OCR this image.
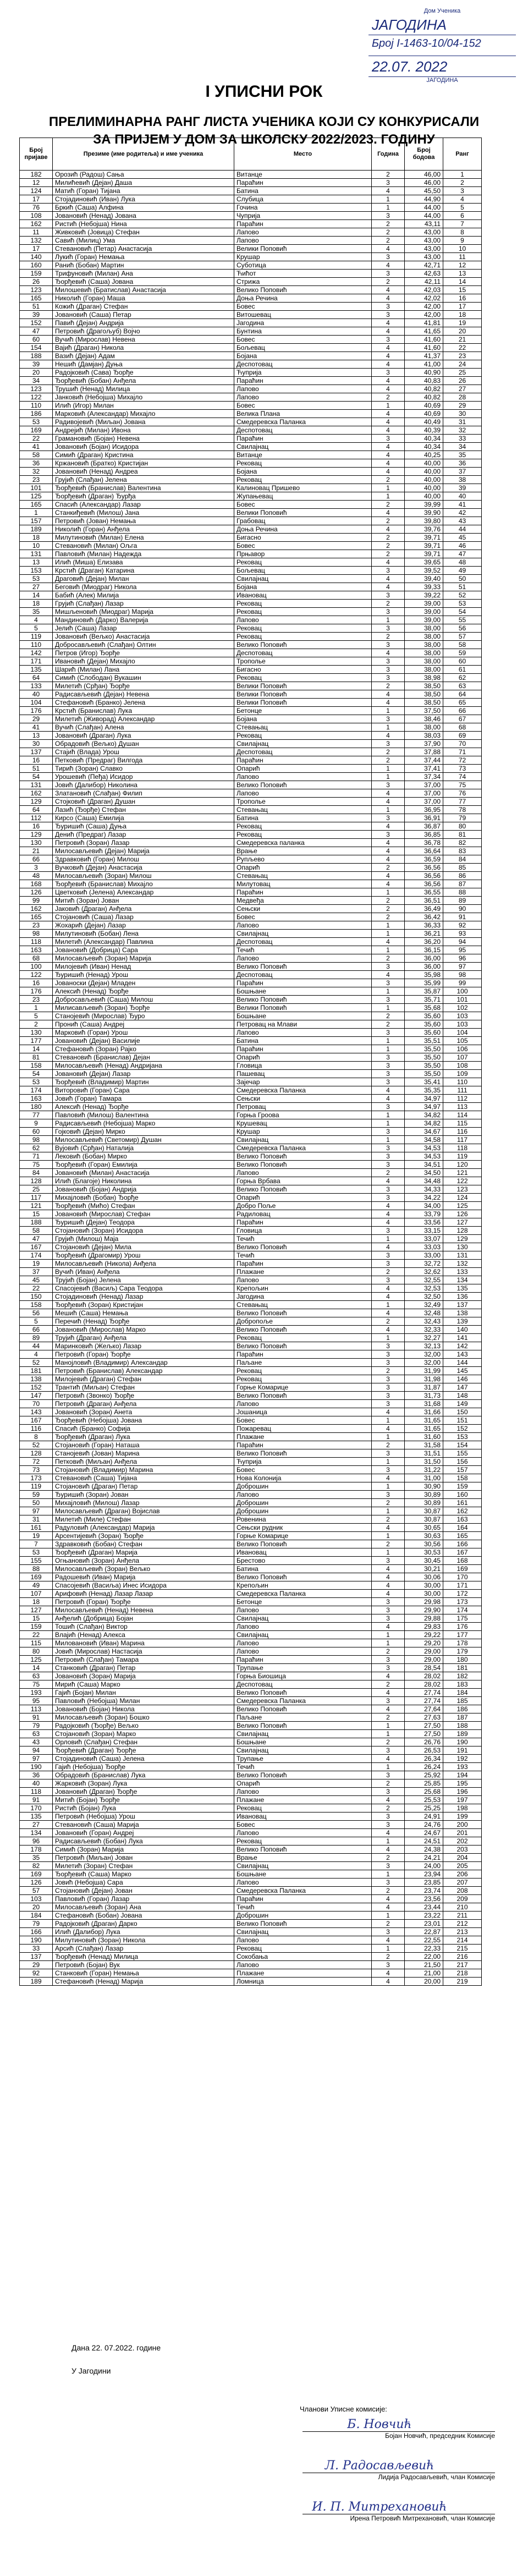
Дом Ученика
ЈАГОДИНА
Број I-1463-10/04-152
22.07. 2022
ЈАГОДИНА
I УПИСНИ РОК
ПРЕЛИМИНАРНА РАНГ ЛИСТА УЧЕНИКА КОЈИ СУ КОНКУРИСАЛИ
ЗА ПРИЈЕМ У ДОМ ЗА ШКОЛСКУ 2022/2023. ГОДИНУ
Број пријаве	Презиме (име родитеља) и име ученика	Место	Година	Број бодова	Ранг
182	Орозић (Радош) Сања	Витанце	2	46,00	1
12	Милићевић (Дејан) Даша	Параћин	3	46,00	2
124	Матић (Горан) Тијана	Батина	4	45,50	3
17	Стојадиновић (Иван) Лука	Слубица	1	44,90	4
76	Бркић (Саша) Алфина	Гочина	1	44,00	5
108	Јовановић (Ненад) Јована	Чуприја	3	44,00	6
162	Ристић (Небојша) Нина	Параћин	2	43,11	7
11	Живковић (Јовица) Стефан	Лапово	2	43,00	8
132	Савић (Милиц) Ума	Лапово	2	43,00	9
17	Стевановић (Петар) Анастасија	Велики Поповић	4	43,00	10
140	Лукић (Горан) Немања	Крушар	3	43,00	11
160	Ранић (Бобан) Мартин	Суботица	4	42,71	12
159	Трифуновић (Милан) Ана	Ћићот	3	42,63	13
26	Ђорђевић (Саша) Јована	Стрижа	2	42,11	14
123	Милошевић (Братислав) Анастасија	Велико Поповић	4	42,03	15
165	Николић (Горан) Маша	Доња Речина	4	42,02	16
51	Кожић (Драган) Стефан	Бовес	3	42,00	17
39	Јовановић (Саша) Петар	Витошевац	3	42,00	18
152	Павић (Дејан) Андрија	Јагодина	4	41,81	19
47	Петровић (Драгољуб) Војчо	Бунтина	4	41,65	20
60	Вучић (Мирослав) Невена	Бовес	3	41,60	21
154	Вајић (Драган) Никола	Бољевац	4	41,60	22
188	Вазић (Дејан) Адам	Бојана	4	41,37	23
39	Нешић (Дамјан) Дуња	Деспотовац	4	41,00	24
20	Радојковић (Сава) Ђорђе	Ћуприја	3	40,90	25
34	Ђорђевић (Бобан) Анђела	Параћин	4	40,83	26
123	Трушић (Ненад) Милица	Лапово	4	40,82	27
122	Јанковић (Небојша) Михајло	Лапово	2	40,82	28
110	Илић (Игор) Милан	Бовес	1	40,69	29
186	Марковић (Александар) Михајло	Велика Плана	4	40,69	30
53	Радивојевић (Миљан) Јована	Смедеревска Паланка	4	40,49	31
169	Андрејић (Милан) Ивона	Деспотовац	4	40,39	32
22	Грамановић (Бојан) Невена	Параћин	3	40,34	33
41	Јовановић (Бојан) Исидора	Свилајнац	4	40,34	34
58	Симић (Драган) Кристина	Витанце	4	40,25	35
36	Кржановић (Братко) Кристијан	Рековац	4	40,00	36
32	Јовановић (Ненад) Андреа	Бојана	4	40,00	37
23	Грујић (Слађан) Јелена	Рековац	2	40,00	38
101	Ђорђевић (Бранислав) Валентина	Калиновац Пришево	1	40,00	39
125	Ђорђевић (Драган) Ђурђа	Жупањевац	1	40,00	40
165	Спасић (Александар) Лазар	Бовес	2	39,99	41
1	Станкиђевић (Милош) Јана	Велики Поповић	4	39,90	42
157	Петровић (Јован) Немања	Грабовац	2	39,80	43
189	Николић (Горан) Анђела	Доња Речина	4	39,76	44
18	Милутиновић (Милан) Елена	Бигасно	2	39,71	45
10	Стевановић (Милан) Ољга	Бовес	2	39,71	46
131	Павловић (Милан) Надежда	Прњавор	2	39,71	47
13	Илић (Миша) Елизава	Рековац	4	39,65	48
153	Крстић (Драган) Катарина	Бољевац	3	39,52	49
53	Драговић (Дејан) Милан	Свилајнац	4	39,40	50
27	Беговић (Миодраг) Никола	Бојана	4	39,33	51
14	Бабић (Алек) Милија	Ивановац	3	39,22	52
18	Грујић (Слађан) Лазар	Рековац	2	39,00	53
35	Мишљеновић (Миодраг) Марија	Рековац	3	39,00	54
4	Мандиновић (Дарко) Валерија	Лапово	1	39,00	55
5	Јелић (Саша) Лазар	Рековац	3	38,00	56
119	Јовановић (Вељко) Анастасија	Рековац	2	38,00	57
110	Добросављевић (Слађан) Олтин	Велико Поповић	3	38,00	58
142	Петров (Игор) Ђорђе	Деспотовац	4	38,00	59
171	Ивановић (Дејан) Михајло	Трополье	3	38,00	60
135	Шарић (Милан) Лана	Бигасно	3	38,00	61
64	Симић (Слободан) Вукашин	Рековац	3	38,98	62
133	Милетић (Срђан) Ђорђе	Велики Поповић	2	38,50	63
40	Радисављевић (Дејан) Невена	Велики Поповић	4	38,50	64
104	Стефановић (Бранко) Јелена	Велики Поповић	4	38,50	65
176	Крстић (Бранислав) Лука	Бетонце	1	37,50	66
29	Милетић (Живорад) Александар	Бојана	3	38,46	67
41	Вучић (Слађан) Алена	Стевањац	1	38,00	68
13	Јовановић (Драган) Лука	Рековац	4	38,03	69
30	Обрадовић (Вељко) Душан	Свилајнац	3	37,90	70
137	Стајић (Влада) Урош	Деспотовац	2	37,88	71
16	Петковић (Предраг) Вилгода	Параћин	2	37,44	72
51	Тирић (Зоран) Славко	Опарић	1	37,41	73
54	Урошевић (Пеђа) Исидор	Лапово	1	37,34	74
131	Јовић (Далибор) Николина	Велико Поповић	3	37,00	75
162	Златановић (Слађан) Филип	Лапово	4	37,00	76
129	Стојковић (Драган) Душан	Трополье	4	37,00	77
64	Лазић (Ђорђе) Стефан	Стевањац	1	36,95	78
112	Кирсо (Саша) Емилија	Батина	3	36,91	79
16	Ђуришић (Саша) Дуња	Рековац	4	36,87	80
129	Денић (Предраг) Лазар	Рековац	3	36,85	81
130	Петровић (Зоран) Лазар	Смедеревска паланка	4	36,78	82
21	Милосављевић (Дејан) Марија	Врање	4	36,64	83
66	Здравковић (Горан) Милош	Рупљево	4	36,59	84
3	Вучковић (Дејан) Анастасија	Опарић	2	36,56	85
48	Милосављевић (Зоран) Милош	Стевањац	4	36,56	86
168	Ђорђевић (Бранислав) Михајло	Милутовац	4	36,56	87
126	Цветковић (Јелена) Александар	Параћин	1	36,55	88
99	Митић (Зоран) Јован	Медвеђа	2	36,51	89
162	Јаковић (Драган) Анђела	Сењски	2	36,49	90
165	Стојановић (Саша) Лазар	Бовес	2	36,42	91
23	Жохарић (Дејан) Лазар	Лапово	1	36,33	92
98	Милутиновић (Бобан) Лена	Свилајнац	1	36,21	93
118	Милетић (Александар) Павлина	Деспотовац	4	36,20	94
163	Јовановић (Добрица) Сара	Течић	1	36,15	95
68	Милосављевић (Зоран) Марија	Лапово	2	36,00	96
100	Милојевић (Иван) Ненад	Велико Поповић	3	36,00	97
122	Ђуришић (Ненад) Урош	Деспотовац	4	35,98	98
16	Јованоски (Дејан) Младен	Параћин	3	35,99	99
176	Алексић (Ненад) Ђорђе	Бошњане	1	35,87	100
23	Добросављевић (Саша) Милош	Велико Поповић	3	35,71	101
1	Милисављевић (Зоран) Ђорђе	Велики Поповић	1	35,68	102
5	Станојевић (Мирослав) Ђуро	Бошњане	2	35,60	103
2	Пронић (Саша) Андреј	Петровац на Млави	2	35,60	103
130	Марковић (Горан) Урош	Лапово	3	35,60	104
177	Јовановић (Дејан) Василије	Батина	1	35,51	105
14	Стефановић (Зоран) Рајко	Параћин	1	35,50	106
81	Стевановић (Бранислав) Дејан	Опарић	3	35,50	107
158	Милосављевић (Ненад) Андријана	Гловица	3	35,50	108
54	Јовановић (Дејан) Лазар	Пашевац	3	35,50	109
53	Ђорђевић (Владимир) Мартин	Зајечар	3	35,41	110
174	Виторовић (Горан) Сара	Смедеревска Паланка	4	35,35	111
163	Јовић (Горан) Тамара	Сењски	4	34,97	112
180	Алексић (Ненад) Ђорђе	Петровац	3	34,97	113
77	Павловић (Милош) Валентина	Горња Гроова	1	34,82	114
9	Радисављевић (Небојша) Марко	Крушевац	1	34,82	115
60	Гојковић (Дејан) Мирко	Крушар	3	34,67	116
98	Милосављевић (Светомир) Душан	Свилајнац	1	34,58	117
62	Вујовић (Срђан) Наталија	Смедеревска Паланка	3	34,53	118
71	Лековић (Бобан) Мирко	Велико Поповић	3	34,53	119
75	Ђорђевић (Горан) Емилија	Велико Поповић	3	34,51	120
84	Јовановић (Милан) Анастасија	Лапово	2	34,50	121
128	Илић (Благоје) Николина	Горња Врбава	4	34,48	122
25	Јовановић (Бојан) Андрија	Велико Поповић	3	34,33	123
117	Михајловић (Бобан) Ђорђе	Опарић	3	34,22	124
121	Ђорђевић (Мићо) Стефан	Добро Поље	4	34,00	125
15	Јовановић (Мирослав) Стефан	Радиловац	4	33,79	126
188	Ђуришић (Дејан) Теодора	Параћин	4	33,56	127
58	Стојановић (Зоран) Исидора	Гловица	3	33,15	128
47	Грујић (Милош) Маја	Течић	1	33,07	129
167	Стојановић (Дејан) Мила	Велико Поповић	4	33,03	130
174	Ђорђевић (Драгомир) Урош	Течић	3	33,00	131
19	Милосављевић (Никола) Анђела	Параћин	3	32,72	132
37	Вучић (Иван) Анђела	Плажане	2	32,62	133
45	Трујић (Бојан) Јелена	Лапово	3	32,55	134
22	Спасојевић (Васиљ) Сара Теодора	Крепољин	4	32,53	135
150	Стојадиновић (Ненад) Лазар	Јагодина	4	32,50	136
158	Ђорђевић (Зоран) Кристијан	Стевањац	1	32,49	137
56	Мешић (Саша) Немања	Велико Поповић	4	32,48	138
5	Перечић (Ненад) Ђорђе	Добропоље	2	32,43	139
66	Јовановић (Мирослав) Марко	Велико Поповић	4	32,33	140
89	Трујић (Драган) Анђела	Рековац	1	32,27	141
44	Маринковић (Жељко) Лазар	Велико Поповић	3	32,13	142
4	Петровић (Горан) Ђорђе	Параћин	3	32,00	143
52	Манојловић (Владимир) Александар	Паљане	3	32,00	144
181	Петровић (Бранислав) Александар	Рековац	2	31,99	145
138	Милојевић (Драган) Стефан	Рековац	3	31,98	146
152	Трантић (Миљан) Стефан	Горње Комарице	3	31,87	147
147	Петровић (Звонко) Ђорђе	Велико Поповић	3	31,73	148
70	Петровић (Драган) Анђела	Лапово	3	31,68	149
143	Јовановић (Зоран) Анета	Јошаница	4	31,66	150
167	Ђорђевић (Небојша) Јована	Бовес	1	31,65	151
116	Спасић (Бранко) Софија	Пожаревац	4	31,65	152
8	Ђорђевић (Драган) Лука	Плажане	1	31,60	153
52	Стојановић (Горан) Наташа	Параћин	2	31,58	154
128	Станојевић (Јован) Марина	Велико Поповић	3	31,51	155
72	Петковић (Миљан) Анђела	Ћуприја	1	31,50	156
73	Стојановић (Владимир) Марина	Бовес	3	31,22	157
173	Стевановић (Саша) Тијана	Нова Колонија	4	31,00	158
119	Стојановић (Драган) Петар	Доброшин	1	30,90	159
59	Ђуришић (Зоран) Јован	Лапово	3	30,89	160
50	Михајловић (Милош) Лазар	Доброшин	2	30,89	161
97	Милосављевић (Драган) Војислав	Доброшин	1	30,87	162
31	Милетић (Миле) Стефан	Ровенина	2	30,87	163
161	Радуловић (Александар) Марија	Сењски рудник	4	30,65	164
19	Арсентијевић (Зоран) Ђорђе	Горње Комарице	1	30,63	165
7	Здравковић (Бобан) Стефан	Велико Поповић	2	30,56	166
53	Ђорђевић (Драган) Марија	Ивановац	1	30,53	167
155	Огњановић (Зоран) Анђела	Брестово	3	30,45	168
88	Милосављевић (Зоран) Вељко	Батина	4	30,21	169
169	Радошевић (Иван) Марија	Велико Поповић	4	30,06	170
49	Спасојевић (Васиља) Инес Исидора	Крепољин	4	30,00	171
107	Арифовић (Ненад) Лазар Лазар	Смедеревска Паланка	4	30,00	172
18	Петровић (Горан) Ђорђе	Бетонце	3	29,98	173
127	Милосављевић (Ненад) Невена	Лапово	3	29,90	174
15	Анђелић (Добрица) Бојан	Свилајнац	3	29,88	175
159	Тошић (Слађан) Виктор	Лапово	4	29,83	176
22	Влајић (Ненад) Алекса	Свилајнац	1	29,22	177
115	Миловановић (Иван) Марина	Лапово	1	29,20	178
80	Јовић (Мирослав) Настасија	Лапово	2	29,00	179
125	Петровић (Слађан) Тамара	Параћин	3	29,00	180
14	Станковић (Драган) Петар	Трупање	3	28,54	181
63	Јовановић (Зоран) Марија	Горња Биошица	4	28,02	182
75	Мирић (Саша) Марко	Деспотовац	2	28,02	183
193	Гајић (Бојан) Милан	Велико Поповић	4	27,74	184
95	Павловић (Небојша) Милан	Смедеревска Паланка	3	27,74	185
113	Јовановић (Бојан) Никола	Велико Поповић	4	27,64	186
91	Милосављевић (Зоран) Бошко	Паљане	2	27,63	187
79	Радојковић (Ђорђе) Вељко	Велико Поповић	1	27,50	188
63	Стојановић (Зоран) Марко	Свилајнац	1	27,50	189
43	Орловић (Слађан) Стефан	Бошњане	2	26,76	190
94	Ђорђевић (Драган) Ђорђе	Свилајнац	3	26,53	191
97	Стојадиновић (Саша) Јелена	Трупање	4	26,34	192
190	Гајић (Небојша) Ђорђе	Течић	1	26,24	193
36	Обрадовић (Бранислав) Лука	Велико Поповић	3	25,92	194
40	Жарковић (Зоран) Лука	Опарић	2	25,85	195
118	Јовановић (Драган) Ђорђе	Лапово	3	25,68	196
91	Митић (Бојан) Ђорђе	Плажане	4	25,53	197
170	Ристић (Бојан) Лука	Рековац	2	25,25	198
135	Петровић (Небојша) Урош	Ивановац	3	24,91	199
27	Стевановић (Саша) Марија	Бовес	3	24,76	200
134	Јовановић (Горан) Андреј	Лапово	4	24,67	201
96	Радисављевић (Бобан) Лука	Рековац	1	24,51	202
178	Симић (Зоран) Марија	Велико Поповић	4	24,38	203
35	Петровић (Миљан) Јован	Врање	2	24,21	204
82	Милетић (Зоран) Стефан	Свилајнац	3	24,00	205
169	Ђорђевић (Саша) Марко	Бошњане	1	23,94	206
126	Јовић (Небојша) Сара	Лапово	3	23,85	207
57	Стојановић (Дејан) Јован	Смедеревска Паланка	2	23,74	208
103	Павловић (Горан) Лазар	Параћин	4	23,56	209
20	Милосављевић (Зоран) Ана	Течић	4	23,44	210
184	Стефановић (Бобан) Јована	Доброшин	1	23,22	211
79	Радојковић (Драган) Дарко	Велико Поповић	2	23,01	212
166	Илић (Далибор) Лука	Свилајнац	3	22,87	213
190	Милутиновић (Зоран) Никола	Лапово	4	22,55	214
33	Арсић (Слађан) Лазар	Рековац	1	22,33	215
137	Ђорђевић (Ненад) Милица	Сокобања	2	22,00	216
29	Петровић (Бојан) Вук	Лапово	3	21,50	217
92	Станковић (Горан) Немања	Плажане	4	21,00	218
189	Стефановић (Ненад) Марија	Ломница	4	20,00	219
Дана 22. 07.2022. године
У Јагодини
Чланови Уписне комисије:
Б. Новчић
Бојан Новчић, председник Комисије
Л. Радосављевић
Лидија Радосављевић, члан Комисије
И. П. Митрехановић
Ирена Петровић Митрехановић, члан Комисије
